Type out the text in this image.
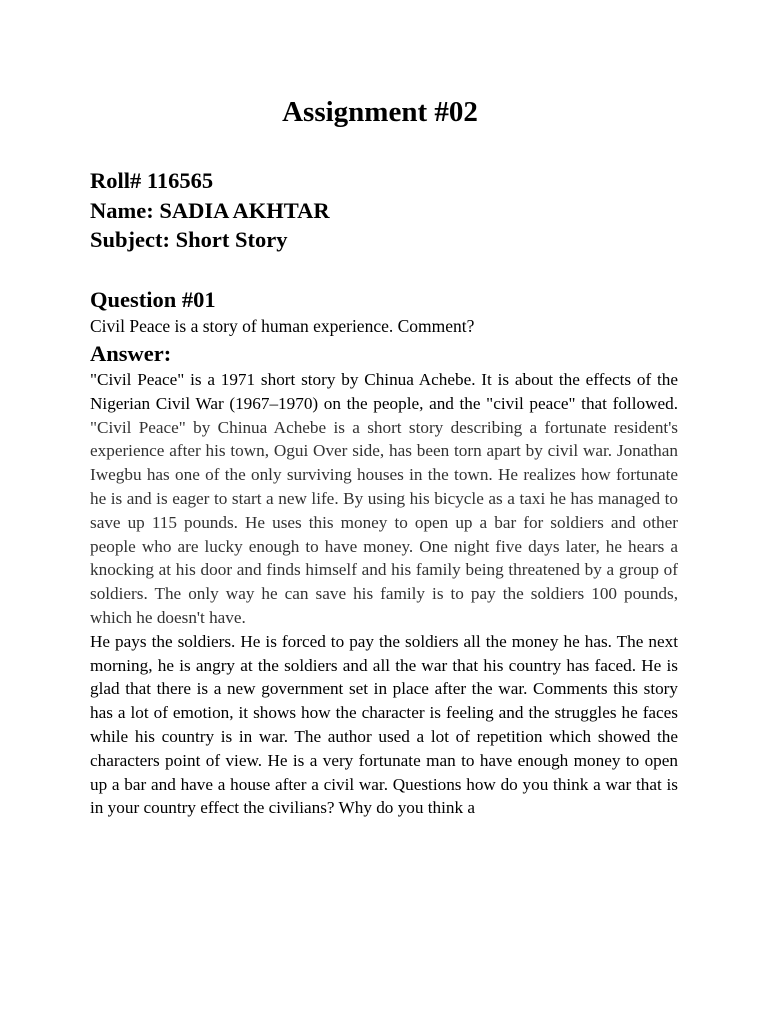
Assignment #02
Roll# 116565
Name: SADIA AKHTAR
Subject: Short Story
Question #01
Civil Peace is a story of human experience. Comment?
Answer:

"Civil Peace" is a 1971 short story by Chinua Achebe. It is about the effects of the Nigerian Civil War (1967–1970) on the people, and the "civil peace" that followed. "Civil Peace" by Chinua Achebe is a short story describing a fortunate resident's experience after his town, Ogui Over side, has been torn apart by civil war. Jonathan Iwegbu has one of the only surviving houses in the town. He realizes how fortunate he is and is eager to start a new life. By using his bicycle as a taxi he has managed to save up 115 pounds. He uses this money to open up a bar for soldiers and other people who are lucky enough to have money. One night five days later, he hears a knocking at his door and finds himself and his family being threatened by a group of soldiers. The only way he can save his family is to pay the soldiers 100 pounds, which he doesn't have.

He pays the soldiers. He is forced to pay the soldiers all the money he has. The next morning, he is angry at the soldiers and all the war that his country has faced. He is glad that there is a new government set in place after the war. Comments this story has a lot of emotion, it shows how the character is feeling and the struggles he faces while his country is in war. The author used a lot of repetition which showed the characters point of view. He is a very fortunate man to have enough money to open up a bar and have a house after a civil war. Questions how do you think a war that is in your country effect the civilians? Why do you think a
